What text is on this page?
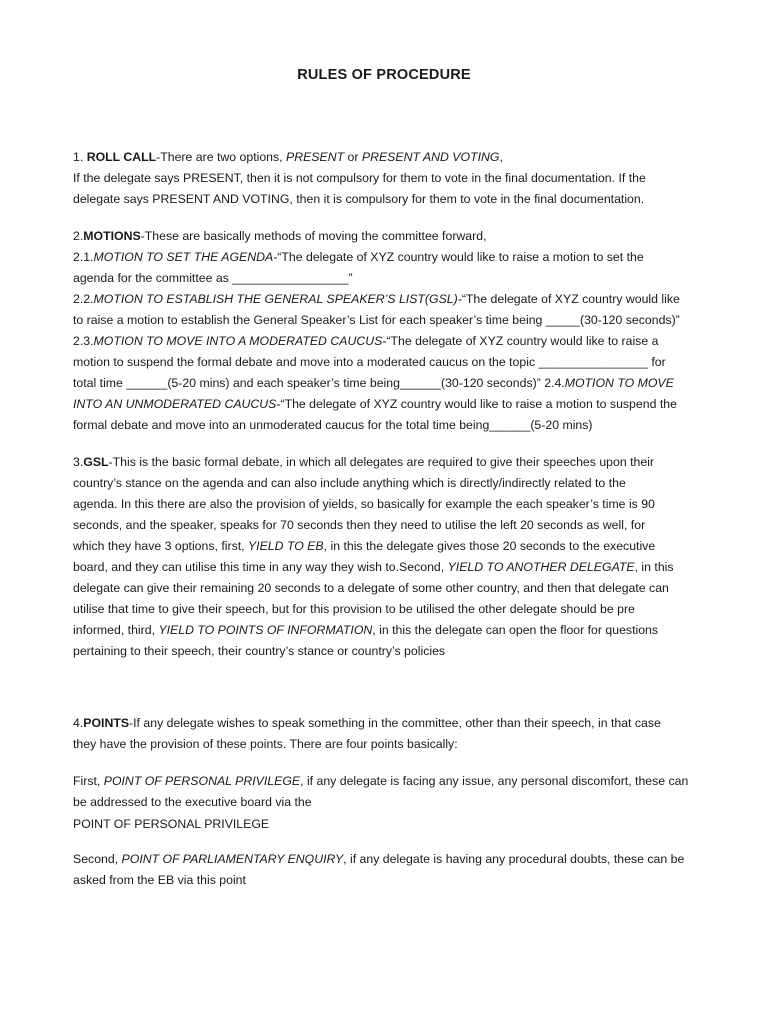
RULES OF PROCEDURE
1. ROLL CALL-There are two options, PRESENT or PRESENT AND VOTING,
If the delegate says PRESENT, then it is not compulsory for them to vote in the final documentation. If the
delegate says PRESENT AND VOTING, then it is compulsory for them to vote in the final documentation.
2.MOTIONS-These are basically methods of moving the committee forward,
2.1.MOTION TO SET THE AGENDA-“The delegate of XYZ country would like to raise a motion to set the
agenda for the committee as _________________”
2.2.MOTION TO ESTABLISH THE GENERAL SPEAKER’S LIST(GSL)-“The delegate of XYZ country would like
to raise a motion to establish the General Speaker’s List for each speaker’s time being _____(30-120 seconds)”
2.3.MOTION TO MOVE INTO A MODERATED CAUCUS-“The delegate of XYZ country would like to raise a
motion to suspend the formal debate and move into a moderated caucus on the topic ________________ for
total time ______(5-20 mins) and each speaker’s time being______(30-120 seconds)” 2.4.MOTION TO MOVE
INTO AN UNMODERATED CAUCUS-“The delegate of XYZ country would like to raise a motion to suspend the
formal debate and move into an unmoderated caucus for the total time being______(5-20 mins)
3.GSL-This is the basic formal debate, in which all delegates are required to give their speeches upon their
country’s stance on the agenda and can also include anything which is directly/indirectly related to the
agenda. In this there are also the provision of yields, so basically for example the each speaker’s time is 90
seconds, and the speaker, speaks for 70 seconds then they need to utilise the left 20 seconds as well, for
which they have 3 options, first, YIELD TO EB, in this the delegate gives those 20 seconds to the executive
board, and they can utilise this time in any way they wish to.Second, YIELD TO ANOTHER DELEGATE, in this
delegate can give their remaining 20 seconds to a delegate of some other country, and then that delegate can
utilise that time to give their speech, but for this provision to be utilised the other delegate should be pre
informed, third, YIELD TO POINTS OF INFORMATION, in this the delegate can open the floor for questions
pertaining to their speech, their country’s stance or country’s policies
4.POINTS-If any delegate wishes to speak something in the committee, other than their speech, in that case
they have the provision of these points. There are four points basically:
First, POINT OF PERSONAL PRIVILEGE, if any delegate is facing any issue, any personal discomfort, these can
be addressed to the executive board via the
POINT OF PERSONAL PRIVILEGE
Second, POINT OF PARLIAMENTARY ENQUIRY, if any delegate is having any procedural doubts, these can be
asked from the EB via this point
